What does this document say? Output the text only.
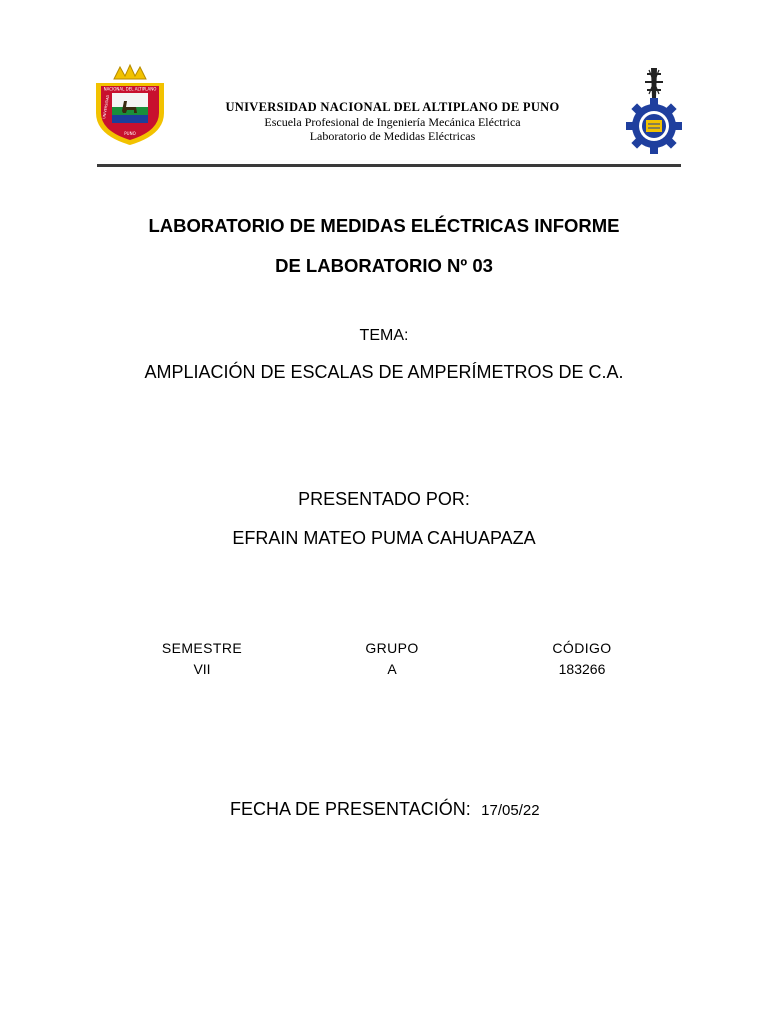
NACIONAL DEL ALTIPLANO
PUNO
UNIVERSIDAD	UNIVERSIDAD NACIONAL DEL ALTIPLANO DE PUNO
Escuela Profesional de Ingeniería Mecánica Eléctrica
Laboratorio de Medidas Eléctricas
LABORATORIO DE MEDIDAS ELÉCTRICAS INFORME
DE LABORATORIO Nº 03
TEMA:
AMPLIACIÓN DE ESCALAS DE AMPERÍMETROS DE C.A.
PRESENTADO POR:
EFRAIN MATEO PUMA CAHUAPAZA
SEMESTRE
VII
GRUPO
A
CÓDIGO
183266
FECHA DE PRESENTACIÓN: 17/05/22
